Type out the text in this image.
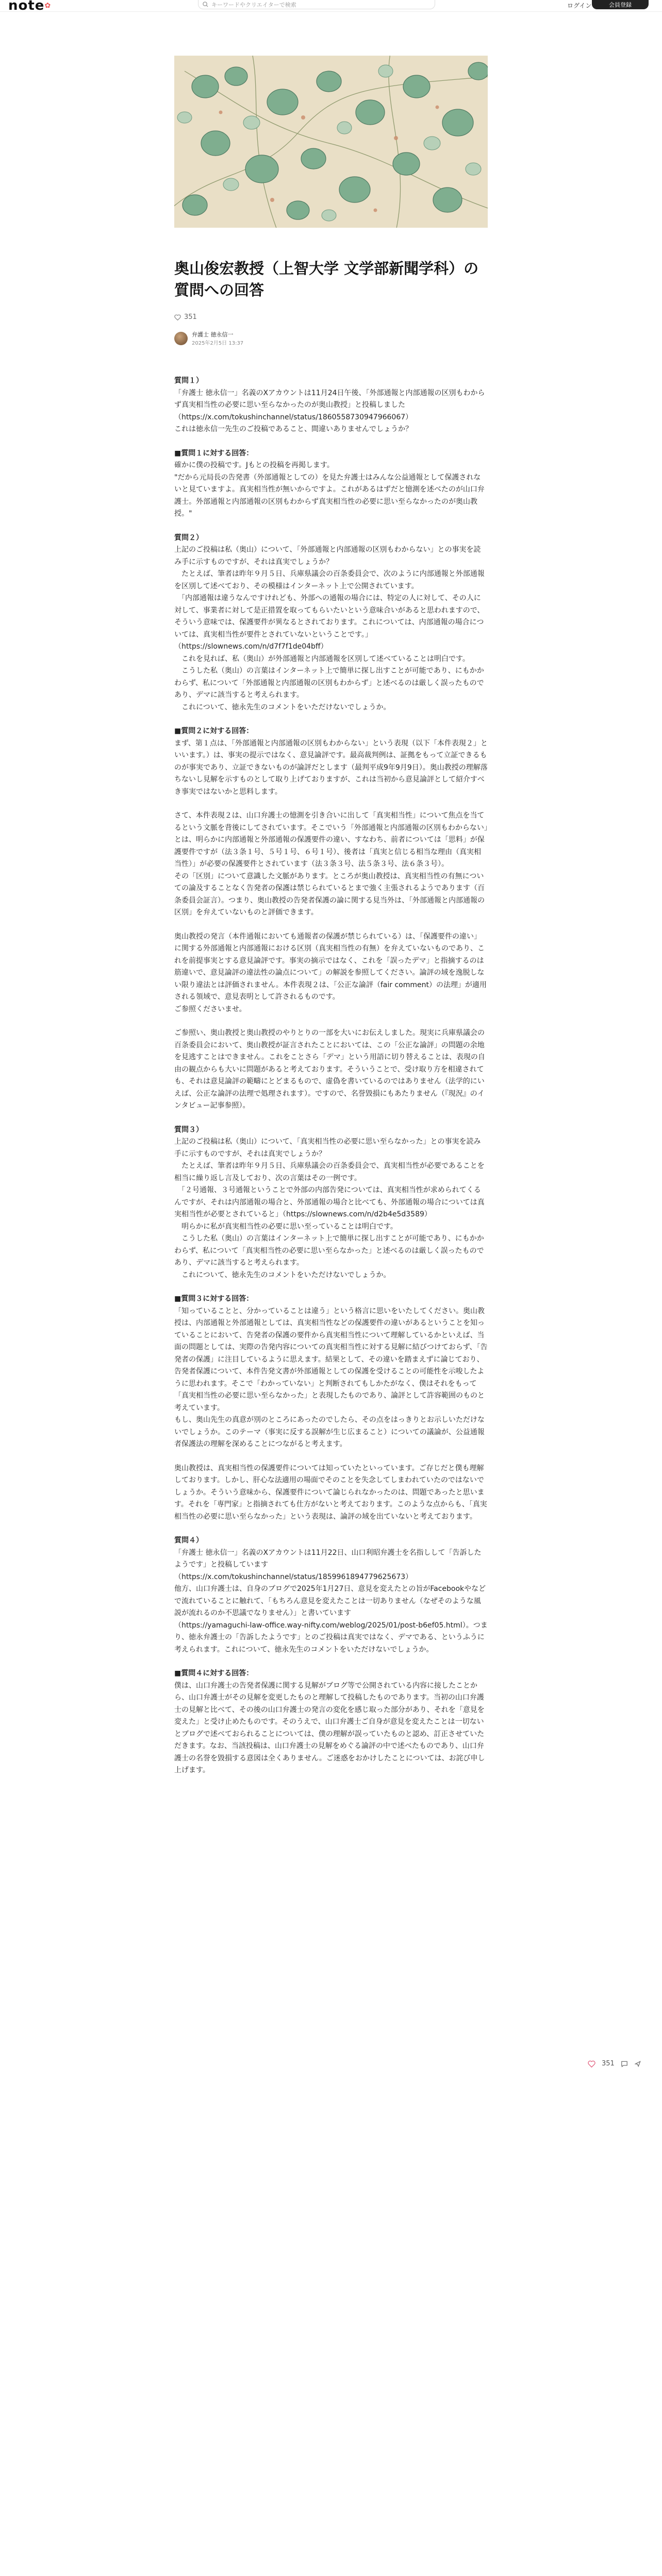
note✿	キーワードやクリエイターで検索	ログイン	会員登録
奥山俊宏教授（上智大学 文学部新聞学科）の質問への回答
351
弁護士 徳永信一
2025年2月5日 13:37

質問１）

「弁護士 徳永信一」名義のXアカウントは11月24日午後、「外部通報と内部通報の区別もわからず真実相当性の必要に思い至らなかったのが奥山教授」と投稿しました
（https://x.com/tokushinchannel/status/1860558730947966067）
これは徳永信一先生のご投稿であること、間違いありませんでしょうか？

■質問１に対する回答：

確かに僕の投稿です。Jもとの投稿を再掲します。
"だから元局長の告発書（外部通報としての）を見た弁護士はみんな公益通報として保護されないと見ていますよ。真実相当性が無いからですよ。これがあるはずだと憶測を述べたのが山口弁護士。外部通報と内部通報の区別もわからず真実相当性の必要に思い至らなかったのが奥山教授。"

質問２）

上記のご投稿は私（奥山）について、「外部通報と内部通報の区別もわからない」との事実を読み手に示すものですが、それは真実でしょうか？
　たとえば、筆者は昨年９月５日、兵庫県議会の百条委員会で、次のように内部通報と外部通報を区別して述べており、その模様はインターネット上で公開されています。
　「内部通報は違うなんですけれども、外部への通報の場合には、特定の人に対して、その人に対して、事業者に対して是正措置を取ってもらいたいという意味合いがあると思われますので、そういう意味では、保護要件が異なるとされております。これについては、内部通報の場合については、真実相当性が要件とされていないということです。」（https://slownews.com/n/d7f7f1de04bff）
　これを見れば、私（奥山）が外部通報と内部通報を区別して述べていることは明白です。
　こうした私（奥山）の言葉はインターネット上で簡単に探し出すことが可能であり、にもかかわらず、私について「外部通報と内部通報の区別もわからず」と述べるのは厳しく誤ったものであり、デマに該当すると考えられます。
　これについて、徳永先生のコメントをいただけないでしょうか。

■質問２に対する回答：

まず、第１点は、「外部通報と内部通報の区別もわからない」という表現（以下「本件表現２」といいます。）は、事実の提示ではなく、意見論評です。最高裁判例は、証拠をもって立証できるものが事実であり、立証できないものが論評だとします（最判平成9年9月9日）。奥山教授の理解落ちないし見解を示すものとして取り上げておりますが、これは当初から意見論評として紹介すべき事実ではないかと思料します。

さて、本件表現２は、山口弁護士の憶測を引き合いに出して「真実相当性」について焦点を当てるという文脈を背後にしてされています。そこでいう「外部通報と内部通報の区別もわからない」とは、明らかに内部通報と外部通報の保護要件の違い、すなわち、前者については「思料」が保護要件ですが（法３条１号、５号１号、６号１号）、後者は「真実と信じる相当な理由（真実相当性）」が必要の保護要件とされています（法３条３号、法５条３号、法６条３号）。
その「区別」について意識した文脈があります。ところが奥山教授は、真実相当性の有無についての論及することなく告発者の保護は禁じられているとまで強く主張されるようであります（百条委員会証言）。つまり、奥山教授の告発者保護の論に関する見当外は、「外部通報と内部通報の区別」を弁えていないものと評価できます。

奥山教授の発言（本件通報においても通報者の保護が禁じられている）は、「保護要件の違い」に関する外部通報と内部通報における区別（真実相当性の有無）を弁えていないものであり、これを前提事実とする意見論評です。事実の摘示ではなく、これを「誤ったデマ」と指摘するのは筋違いで、意見論評の違法性の論点について」の解説を参照してください。論評の域を逸脱しない限り違法とは評価されません。本件表現２は、「公正な論評（fair comment）の法理」が適用される領域で、意見表明として許されるものです。
ご参照くださいませ。

ご参照い、奥山教授と奥山教授のやりとりの一部を大いにお伝えしました。現実に兵庫県議会の百条委員会において、奥山教授が証言されたことにおいては、この「公正な論評」の問題の余地を見逃すことはできません。これをことさら「デマ」という用語に切り替えることは、表現の自由の観点からも大いに問題があると考えております。そういうことで、受け取り方を相違されても、それは意見論評の範疇にとどまるもので、虚偽を書いているのではありません（法学的にいえば、公正な論評の法理で処理されます）。ですので、名誉毀損にもあたりません（『現況』のインタビュー記事参照）。

質問３）

上記のご投稿は私（奥山）について、「真実相当性の必要に思い至らなかった」との事実を読み手に示すものですが、それは真実でしょうか？
　たとえば、筆者は昨年９月５日、兵庫県議会の百条委員会で、真実相当性が必要であることを相当に繰り返し言及しており、次の言葉はその一例です。
　「２号通報、３号通報ということで外部の内部告発については、真実相当性が求められてくるんですが、それは内部通報の場合と、外部通報の場合と比べても、外部通報の場合については真実相当性が必要とされていると」（https://slownews.com/n/d2b4e5d3589）
　明らかに私が真実相当性の必要に思い至っていることは明白です。
　こうした私（奥山）の言葉はインターネット上で簡単に探し出すことが可能であり、にもかかわらず、私について「真実相当性の必要に思い至らなかった」と述べるのは厳しく誤ったものであり、デマに該当すると考えられます。
　これについて、徳永先生のコメントをいただけないでしょうか。

■質問３に対する回答：

「知っていることと、分かっていることは違う」という格言に思いをいたしてください。奥山教授は、内部通報と外部通報としては、真実相当性などの保護要件の違いがあるということを知っていることにおいて、告発者の保護の要件から真実相当性について理解しているかといえば、当面の問題としては、実際の告発内容についての真実相当性に対する見解に結びつけておらず、「告発者の保護」に注目しているように思えます。結果として、その違いを踏まえずに論じており、告発者保護について、本件告発文書が外部通報としての保護を受けることの可能性を示唆したように思われます。そこで「わかっていない」と判断されてもしかたがなく、僕はそれをもって「真実相当性の必要に思い至らなかった」と表現したものであり、論評として許容範囲のものと考えています。
もし、奥山先生の真意が別のところにあったのでしたら、その点をはっきりとお示しいただけないでしょうか。このテーマ（事実に反する誤解が生じ広まること）についての議論が、公益通報者保護法の理解を深めることにつながると考えます。

奥山教授は、真実相当性の保護要件については知っていたといっています。ご存じだと僕も理解しております。しかし、肝心な法適用の場面でそのことを失念してしまわれていたのではないでしょうか。そういう意味から、保護要件について論じられなかったのは、問題であったと思います。それを「専門家」と指摘されても仕方がないと考えております。このような点からも、「真実相当性の必要に思い至らなかった」という表現は、論評の域を出ていないと考えております。

質問４）

「弁護士 徳永信一」名義のXアカウントは11月22日、山口利昭弁護士を名指しして「告訴したようです」と投稿しています
（https://x.com/tokushinchannel/status/1859961894779625673）
他方、山口弁護士は、自身のブログで2025年1月27日、意見を変えたとの旨がFacebookやなどで流れていることに触れて、「もちろん意見を変えたことは一切ありません（なぜそのような風説が流れるのか不思議でなりません）」と書いています
（https://yamaguchi-law-office.way-nifty.com/weblog/2025/01/post-b6ef05.html）。つまり、徳永弁護士の「告訴したようです」とのご投稿は真実ではなく、デマである、というふうに考えられます。これについて、徳永先生のコメントをいただけないでしょうか。

■質問４に対する回答：

僕は、山口弁護士の告発者保護に関する見解がブログ等で公開されている内容に接したことから、山口弁護士がその見解を変更したものと理解して投稿したものであります。当初の山口弁護士の見解と比べて、その後の山口弁護士の発言の変化を感じ取った部分があり、それを「意見を変えた」と受け止めたものです。そのうえで、山口弁護士ご自身が意見を変えたことは一切ないとブログで述べておられることについては、僕の理解が誤っていたものと認め、訂正させていただきます。なお、当該投稿は、山口弁護士の見解をめぐる論評の中で述べたものであり、山口弁護士の名誉を毀損する意図は全くありません。ご迷惑をおかけしたことについては、お詫び申し上げます。

351
